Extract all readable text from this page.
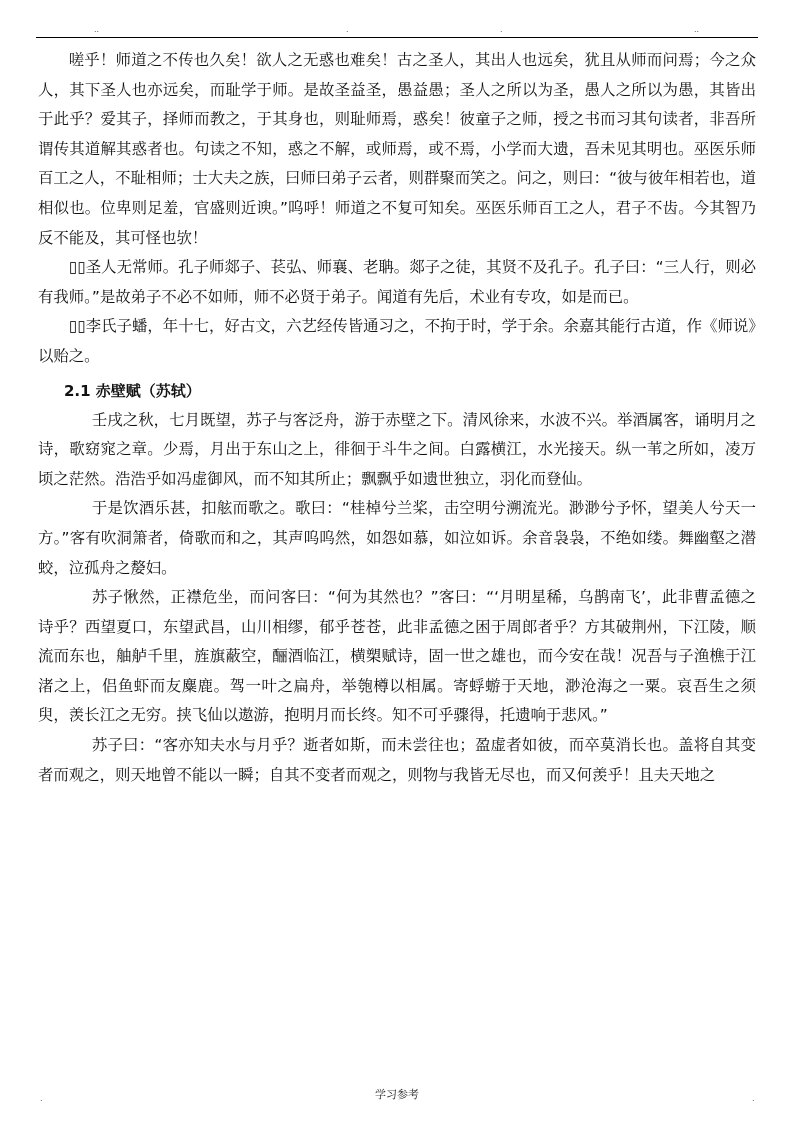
..	.	.	..

嗟乎！师道之不传也久矣！欲人之无惑也难矣！古之圣人，其出人也远矣，犹且从师而问焉；今之众人，其下圣人也亦远矣，而耻学于师。是故圣益圣，愚益愚；圣人之所以为圣，愚人之所以为愚，其皆出于此乎？爱其子，择师而教之，于其身也，则耻师焉，惑矣！彼童子之师，授之书而习其句读者，非吾所谓传其道解其惑者也。句读之不知，惑之不解，或师焉，或不焉，小学而大遗，吾未见其明也。巫医乐师百工之人，不耻相师；士大夫之族，曰师曰弟子云者，则群聚而笑之。问之，则曰：“彼与彼年相若也，道相似也。位卑则足羞，官盛则近谀。”呜呼！师道之不复可知矣。巫医乐师百工之人，君子不齿。今其智乃反不能及，其可怪也欤！

▯▯圣人无常师。孔子师郯子、苌弘、师襄、老聃。郯子之徒，其贤不及孔子。孔子曰：“三人行，则必有我师。”是故弟子不必不如师，师不必贤于弟子。闻道有先后，术业有专攻，如是而已。

▯▯李氏子蟠，年十七，好古文，六艺经传皆通习之，不拘于时，学于余。余嘉其能行古道，作《师说》以贻之。

2.1 赤壁赋（苏轼）

壬戌之秋，七月既望，苏子与客泛舟，游于赤壁之下。清风徐来，水波不兴。举酒属客，诵明月之诗，歌窈窕之章。少焉，月出于东山之上，徘徊于斗牛之间。白露横江，水光接天。纵一苇之所如，凌万顷之茫然。浩浩乎如冯虚御风，而不知其所止；飘飘乎如遗世独立，羽化而登仙。

于是饮酒乐甚，扣舷而歌之。歌曰：“桂棹兮兰桨，击空明兮溯流光。渺渺兮予怀，望美人兮天一方。”客有吹洞箫者，倚歌而和之，其声呜呜然，如怨如慕，如泣如诉。余音袅袅，不绝如缕。舞幽壑之潜蛟，泣孤舟之嫠妇。

苏子愀然，正襟危坐，而问客曰：“何为其然也？”客曰：“‘月明星稀，乌鹊南飞’，此非曹孟德之诗乎？西望夏口，东望武昌，山川相缪，郁乎苍苍，此非孟德之困于周郎者乎？方其破荆州，下江陵，顺流而东也，舳舻千里，旌旗蔽空，酾酒临江，横槊赋诗，固一世之雄也，而今安在哉！况吾与子渔樵于江渚之上，侣鱼虾而友麋鹿。驾一叶之扁舟，举匏樽以相属。寄蜉蝣于天地，渺沧海之一粟。哀吾生之须臾，羡长江之无穷。挟飞仙以遨游，抱明月而长终。知不可乎骤得，托遗响于悲风。”

苏子曰：“客亦知夫水与月乎？逝者如斯，而未尝往也；盈虚者如彼，而卒莫消长也。盖将自其变者而观之，则天地曾不能以一瞬；自其不变者而观之，则物与我皆无尽也，而又何羡乎！且夫天地之

学习参考
.	.
